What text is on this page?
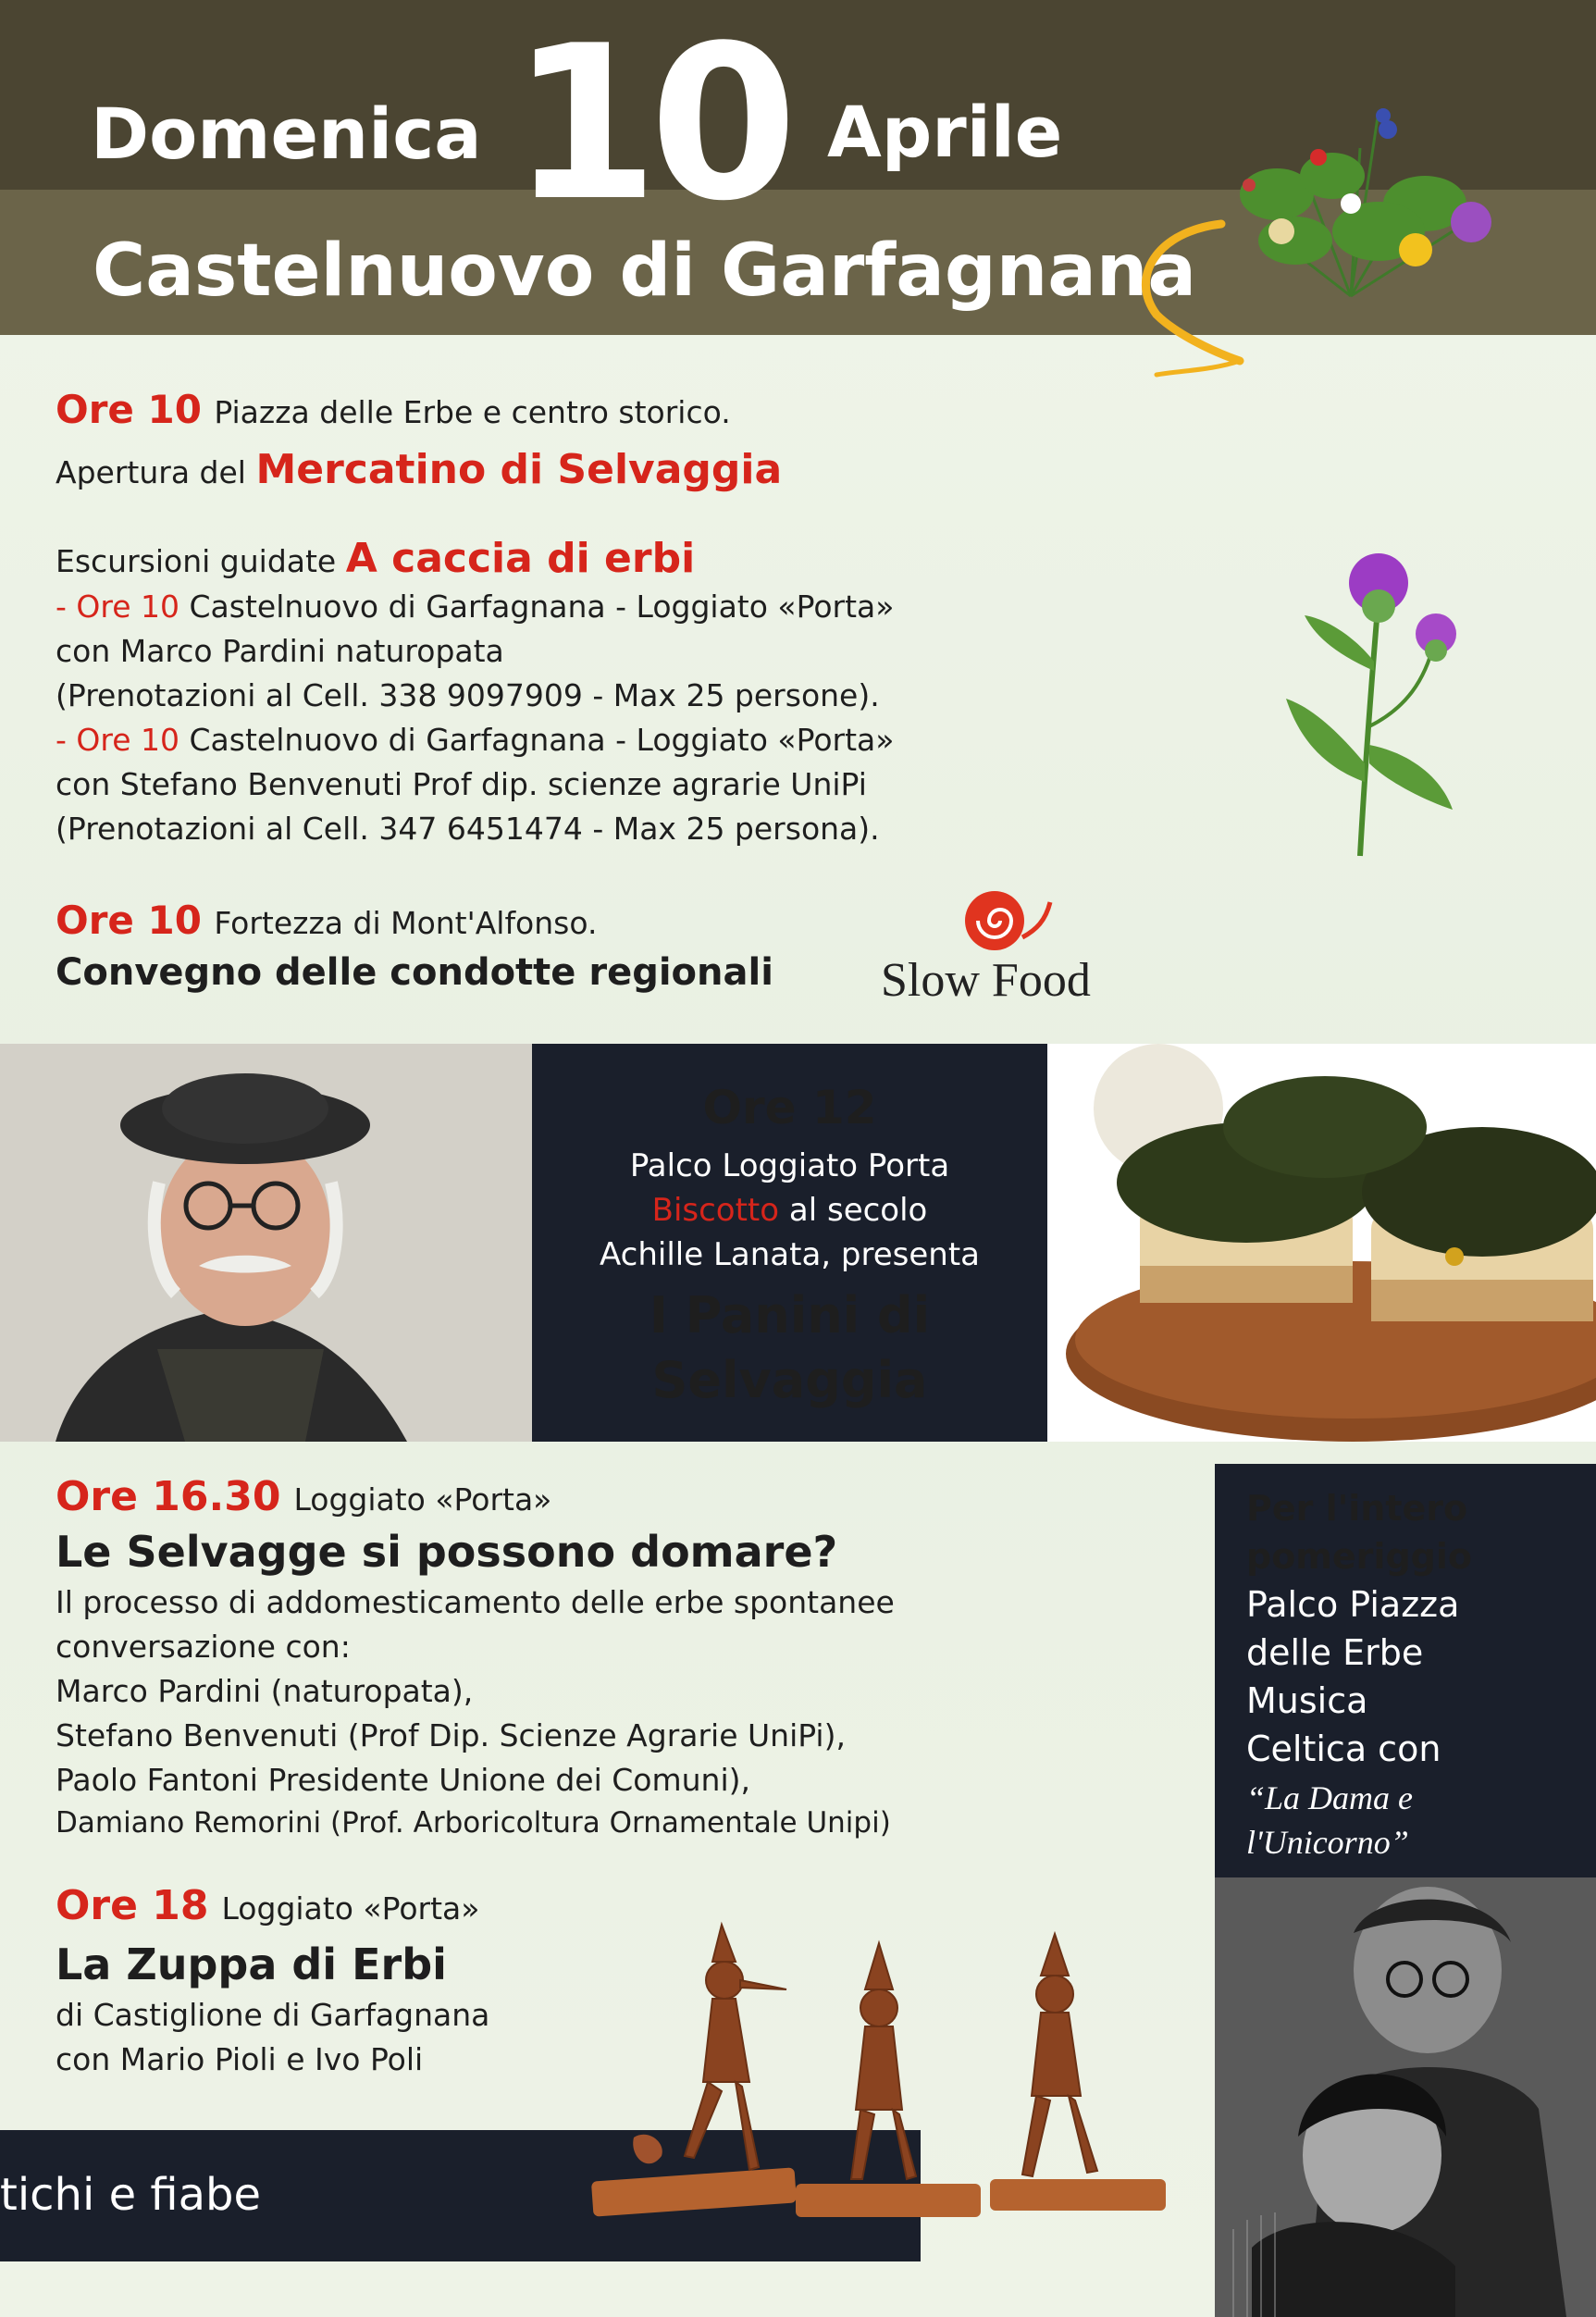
Domenica 10 Aprile
Castelnuovo di Garfagnana
Ore 10 Piazza delle Erbe e centro storico.
Apertura del Mercatino di Selvaggia
Escursioni guidate A caccia di erbi
- Ore 10 Castelnuovo di Garfagnana - Loggiato «Porta»
con Marco Pardini naturopata
(Prenotazioni al Cell. 338 9097909 - Max 25 persone).
- Ore 10 Castelnuovo di Garfagnana - Loggiato «Porta»
con Stefano Benvenuti Prof dip. scienze agrarie UniPi
(Prenotazioni al Cell. 347 6451474 - Max 25 persona).
Ore 10 Fortezza di Mont'Alfonso.
Convegno delle condotte regionali Slow Food
Ore 12
Palco Loggiato Porta
Biscotto al secolo
Achille Lanata, presenta
I Panini di
Selvaggia
Ore 16.30 Loggiato «Porta»
Le Selvagge si possono domare?
Il processo di addomesticamento delle erbe spontanee
conversazione con:
Marco Pardini (naturopata),
Stefano Benvenuti (Prof Dip. Scienze Agrarie UniPi),
Paolo Fantoni Presidente Unione dei Comuni),
Damiano Remorini (Prof. Arboricoltura Ornamentale Unipi)
Per l'intero
pomeriggio
Palco Piazza
delle Erbe
Musica
Celtica con
“La Dama e
l'Unicorno”
Ore 18 Loggiato «Porta»
La Zuppa di Erbi
di Castiglione di Garfagnana
con Mario Pioli e Ivo Poli
tichi e fiabe
